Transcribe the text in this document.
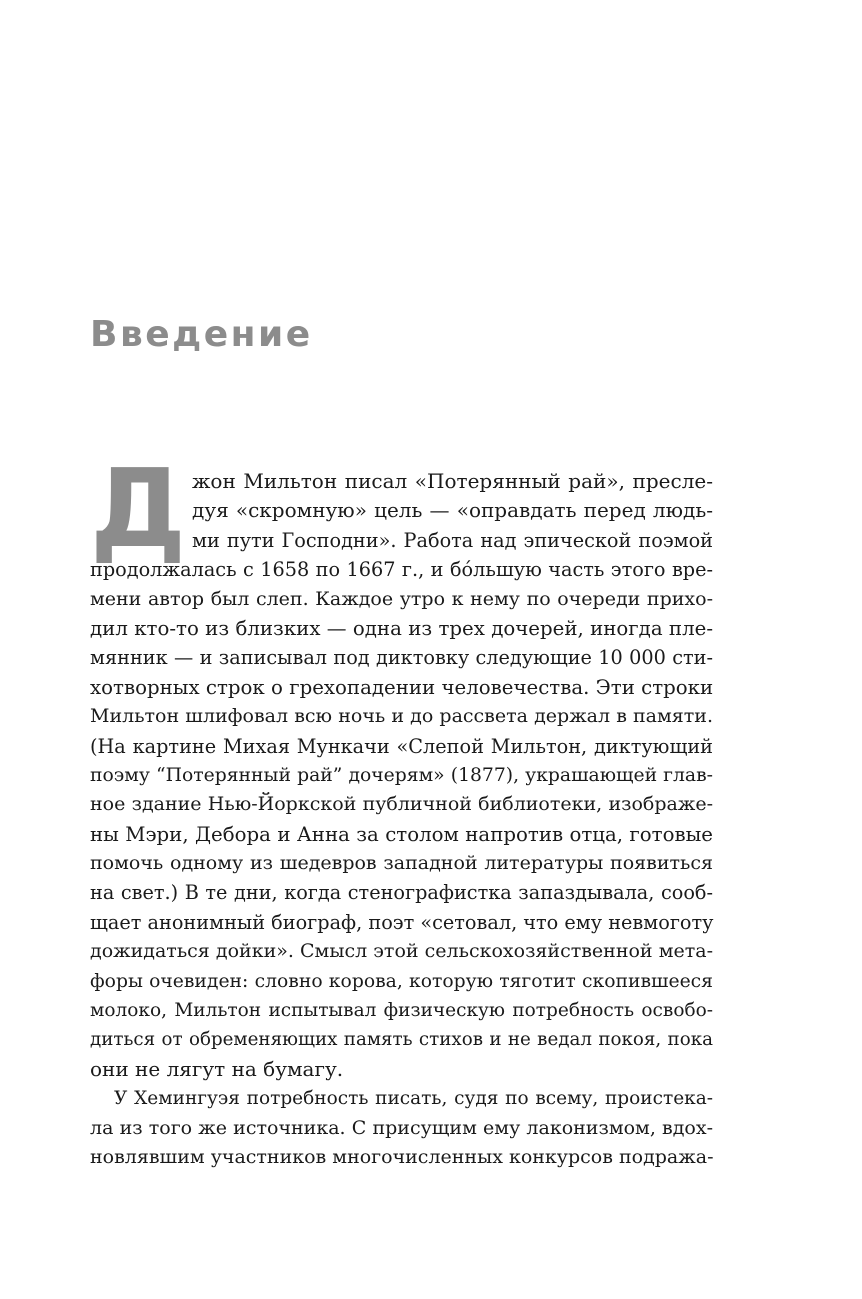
Введение
Д жон Мильтон писал «Потерянный рай», пресле-
дуя «скромную» цель — «оправдать перед людь-
ми пути Господни». Работа над эпической поэмой
продолжалась с 1658 по 1667 г., и бóльшую часть этого вре-
мени автор был слеп. Каждое утро к нему по очереди прихо-
дил кто-то из близких — одна из трех дочерей, иногда пле-
мянник — и записывал под диктовку следующие 10 000 сти-
хотворных строк о грехопадении человечества. Эти строки
Мильтон шлифовал всю ночь и до рассвета держал в памяти.
(На картине Михая Мункачи «Слепой Мильтон, диктующий
поэму “Потерянный рай” дочерям» (1877), украшающей глав-
ное здание Нью-Йоркской публичной библиотеки, изображе-
ны Мэри, Дебора и Анна за столом напротив отца, готовые
помочь одному из шедевров западной литературы появиться
на свет.) В те дни, когда стенографистка запаздывала, сооб-
щает анонимный биограф, поэт «сетовал, что ему невмоготу
дожидаться дойки». Смысл этой сельскохозяйственной мета-
форы очевиден: словно корова, которую тяготит скопившееся
молоко, Мильтон испытывал физическую потребность освобо-
диться от обременяющих память стихов и не ведал покоя, пока
они не лягут на бумагу.
У Хемингуэя потребность писать, судя по всему, проистека-
ла из того же источника. С присущим ему лаконизмом, вдох-
новлявшим участников многочисленных конкурсов подража-
